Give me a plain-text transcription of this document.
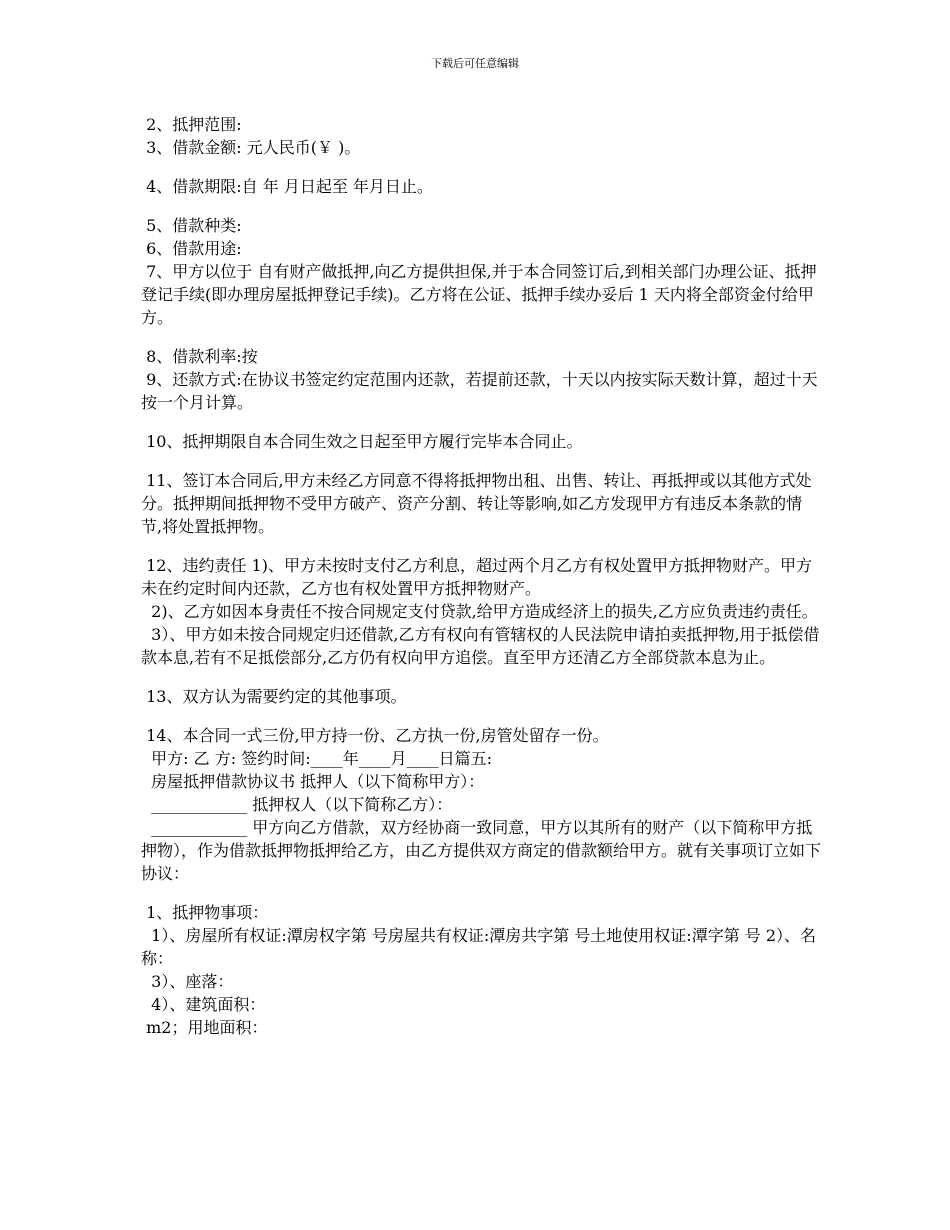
下载后可任意编辑

2、抵押范围:

3、借款金额: 元人民币(￥ )。

4、借款期限:自 年 月日起至 年月日止。

5、借款种类:

6、借款用途:

7、甲方以位于 自有财产做抵押,向乙方提供担保,并于本合同签订后,到相关部门办理公证、抵押登记手续(即办理房屋抵押登记手续)。乙方将在公证、抵押手续办妥后 1 天内将全部资金付给甲方。

8、借款利率:按

9、还款方式:在协议书签定约定范围内还款，若提前还款，十天以内按实际天数计算，超过十天按一个月计算。

10、抵押期限自本合同生效之日起至甲方履行完毕本合同止。

11、签订本合同后,甲方未经乙方同意不得将抵押物出租、出售、转让、再抵押或以其他方式处分。抵押期间抵押物不受甲方破产、资产分割、转让等影响,如乙方发现甲方有违反本条款的情节,将处置抵押物。

12、违约责任 1)、甲方未按时支付乙方利息，超过两个月乙方有权处置甲方抵押物财产。甲方未在约定时间内还款，乙方也有权处置甲方抵押物财产。

2)、乙方如因本身责任不按合同规定支付贷款,给甲方造成经济上的损失,乙方应负责违约责任。

3）、甲方如未按合同规定归还借款,乙方有权向有管辖权的人民法院申请拍卖抵押物,用于抵偿借款本息,若有不足抵偿部分,乙方仍有权向甲方追偿。直至甲方还清乙方全部贷款本息为止。

13、双方认为需要约定的其他事项。

14、本合同一式三份,甲方持一份、乙方执一份,房管处留存一份。

甲方: 乙 方: 签约时间:____年____月____日篇五:

房屋抵押借款协议书 抵押人（以下简称甲方）：

____________ 抵押权人（以下简称乙方）：

____________ 甲方向乙方借款，双方经协商一致同意，甲方以其所有的财产（以下简称甲方抵押物），作为借款抵押物抵押给乙方，由乙方提供双方商定的借款额给甲方。就有关事项订立如下协议：

1、抵押物事项：

1）、房屋所有权证:潭房权字第 号房屋共有权证:潭房共字第 号土地使用权证:潭字第 号 2）、名称：

3）、座落：

4）、建筑面积：

m2；用地面积：
